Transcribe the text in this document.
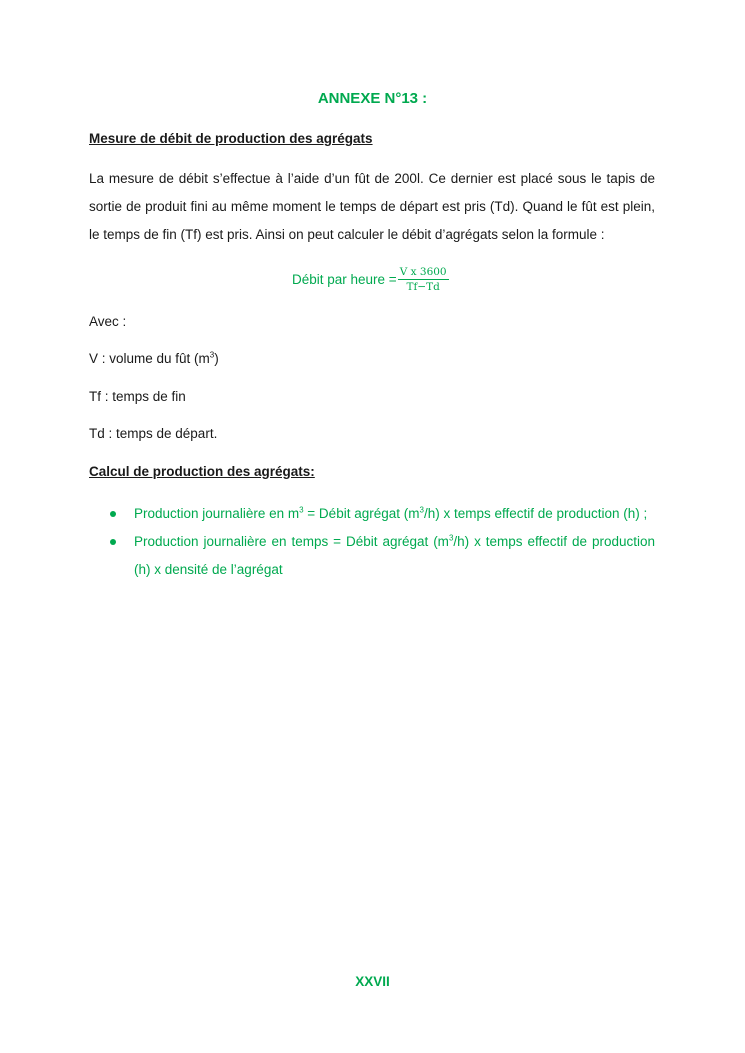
ANNEXE N°13 :
Mesure de débit de production des agrégats
La mesure de débit s’effectue à l’aide d’un fût de 200l. Ce dernier est placé sous le tapis de sortie de produit fini au même moment le temps de départ est pris (Td). Quand le fût est plein, le temps de fin (Tf) est pris. Ainsi on peut calculer le débit d’agrégats selon la formule :
Débit par heure = $\frac{\text{V x 3600}}{Tf-Td}$
Avec :
V : volume du fût $(m^3)$
Tf : temps de fin
Td : temps de départ.
Calcul de production des agrégats:
Production journalière en $m^3$ = Débit agrégat $(m^3/h)$ x temps effectif de production (h) ;
Production journalière en temps = Débit agrégat $(m^3/h)$ x temps effectif de production (h) x densité de l’agrégat
XXVII
